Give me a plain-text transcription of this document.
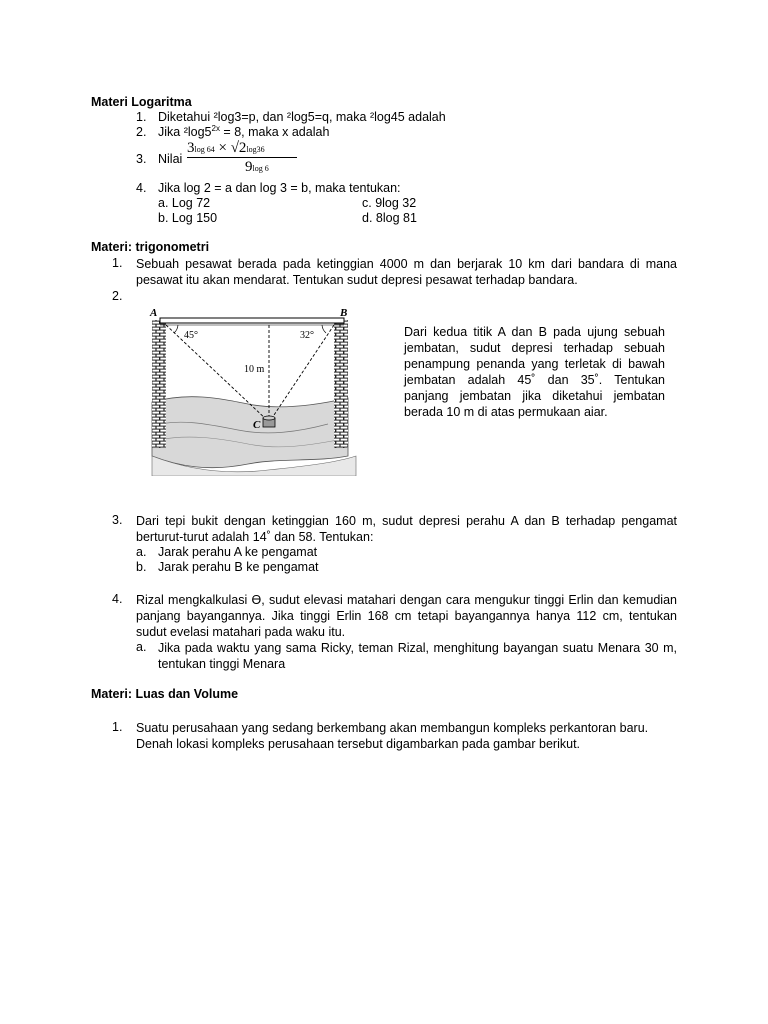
Materi Logaritma
1. Diketahui ²log3=p, dan ²log5=q, maka ²log45 adalah
2. Jika $^2\log 5^{2x} = 8$, maka x adalah
3. Nilai
3log 64 × √2log36
9log 6
4. Jika log 2 = a dan log 3 = b, maka tentukan:
a. Log 72
b. Log 150
c. 9log 32
d. 8log 81
Materi: trigonometri
1. Sebuah pesawat berada pada ketinggian 4000 m dan berjarak 10 km dari bandara di mana pesawat itu akan mendarat. Tentukan sudut depresi pesawat terhadap bandara.
2.
A	B
C
45°	32°
10 m
Dari kedua titik A dan B pada ujung sebuah jembatan, sudut depresi terhadap sebuah penampung penanda yang terletak di bawah jembatan adalah 45˚ dan 35˚. Tentukan panjang jembatan jika diketahui jembatan berada 10 m di atas permukaan aiar.
3. Dari tepi bukit dengan ketinggian 160 m, sudut depresi perahu A dan B terhadap pengamat berturut-turut adalah 14˚ dan 58. Tentukan:
a. Jarak perahu A ke pengamat
b. Jarak perahu B ke pengamat
4. Rizal mengkalkulasi ϴ, sudut elevasi matahari dengan cara mengukur tinggi Erlin dan kemudian panjang bayangannya. Jika tinggi Erlin 168 cm tetapi bayangannya hanya 112 cm, tentukan sudut evelasi matahari pada waku itu.
a. Jika pada waktu yang sama Ricky, teman Rizal, menghitung bayangan suatu Menara 30 m, tentukan tinggi Menara
Materi: Luas dan Volume
1. Suatu perusahaan yang sedang berkembang akan membangun kompleks perkantoran baru. Denah lokasi kompleks perusahaan tersebut digambarkan pada gambar berikut.
